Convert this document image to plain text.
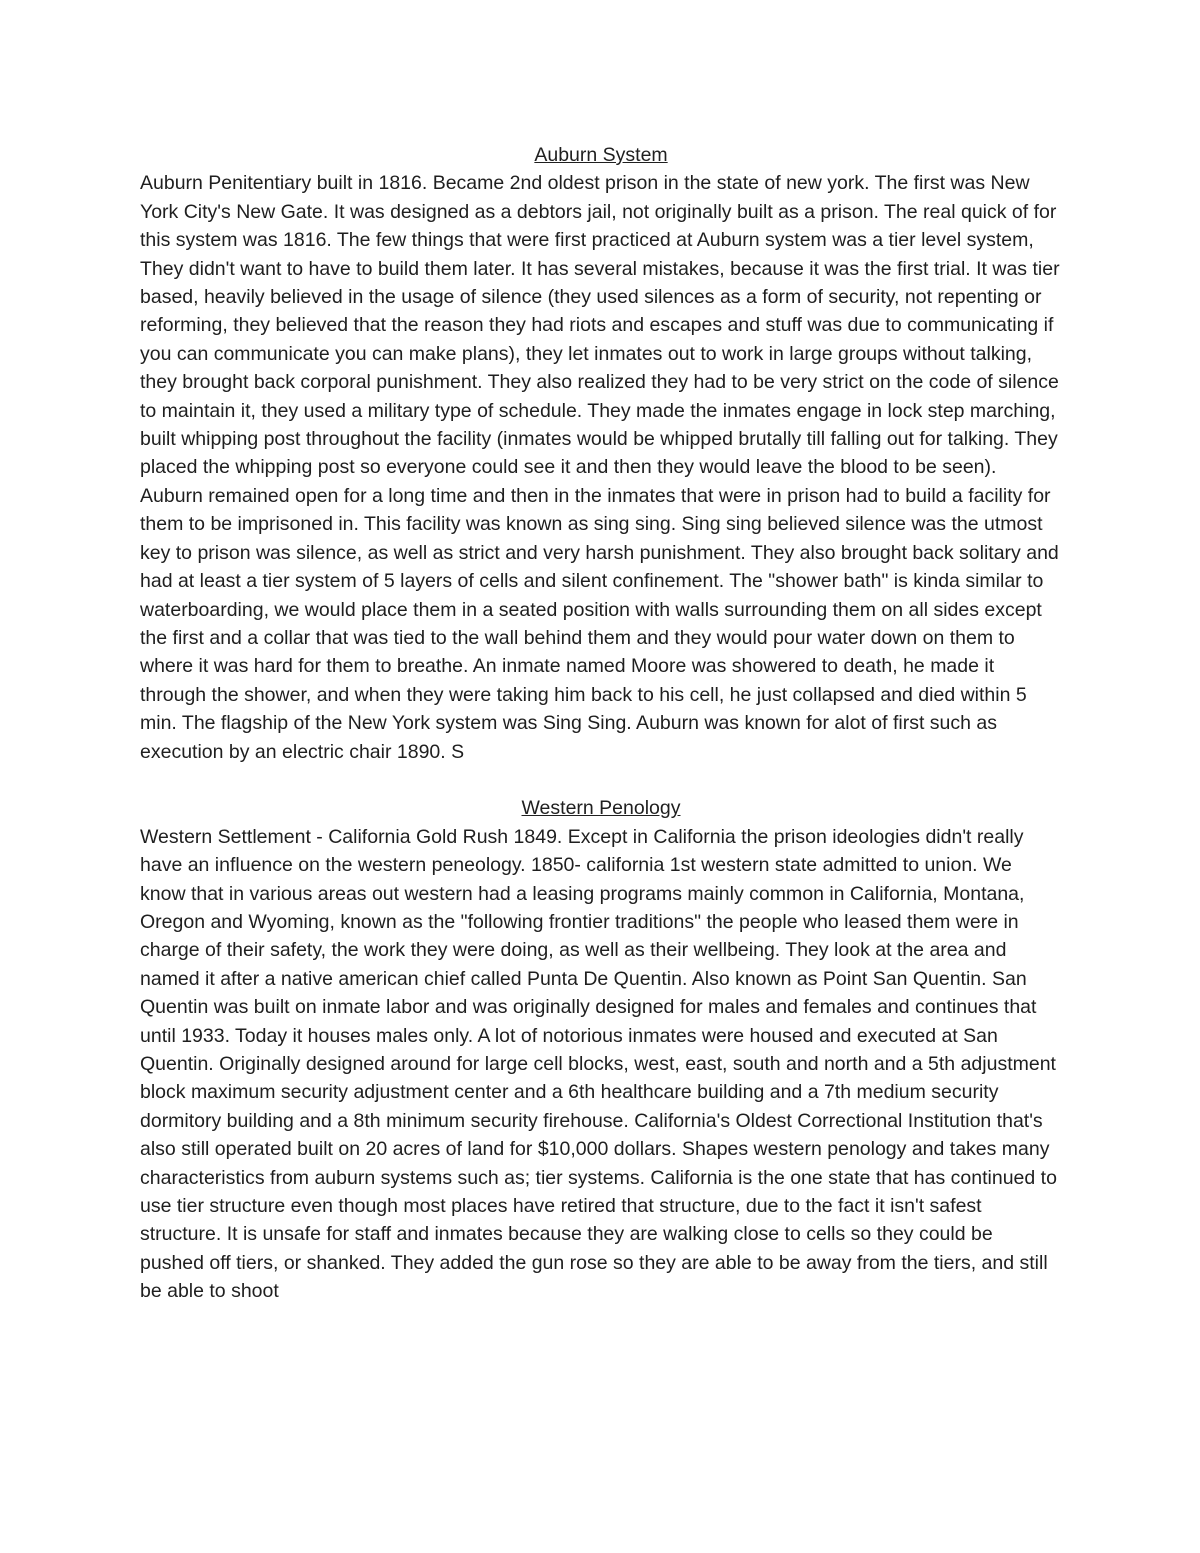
Auburn System

Auburn Penitentiary built in 1816. Became 2nd oldest prison in the state of new york. The first was New York City's New Gate. It was designed as a debtors jail, not originally built as a prison. The real quick of for this system was 1816. The few things that were first practiced at Auburn system was a tier level system, They didn't want to have to build them later. It has several mistakes, because it was the first trial. It was tier based, heavily believed in the usage of silence (they used silences as a form of security, not repenting or reforming, they believed that the reason they had riots and escapes and stuff was due to communicating if you can communicate you can make plans), they let inmates out to work in large groups without talking, they brought back corporal punishment. They also realized they had to be very strict on the code of silence to maintain it, they used a military type of schedule. They made the inmates engage in lock step marching, built whipping post throughout the facility (inmates would be whipped brutally till falling out for talking. They placed the whipping post so everyone could see it and then they would leave the blood to be seen). Auburn remained open for a long time and then in the inmates that were in prison had to build a facility for them to be imprisoned in. This facility was known as sing sing. Sing sing believed silence was the utmost key to prison was silence, as well as strict and very harsh punishment. They also brought back solitary and had at least a tier system of 5 layers of cells and silent confinement. The "shower bath" is kinda similar to waterboarding, we would place them in a seated position with walls surrounding them on all sides except the first and a collar that was tied to the wall behind them and they would pour water down on them to where it was hard for them to breathe. An inmate named Moore was showered to death, he made it through the shower, and when they were taking him back to his cell, he just collapsed and died within 5 min. The flagship of the New York system was Sing Sing. Auburn was known for alot of first such as execution by an electric chair 1890. S

Western Penology

Western Settlement - California Gold Rush 1849. Except in California the prison ideologies didn't really have an influence on the western peneology. 1850- california 1st western state admitted to union. We know that in various areas out western had a leasing programs mainly common in California, Montana, Oregon and Wyoming, known as the "following frontier traditions" the people who leased them were in charge of their safety, the work they were doing, as well as their wellbeing. They look at the area and named it after a native american chief called Punta De Quentin. Also known as Point San Quentin. San Quentin was built on inmate labor and was originally designed for males and females and continues that until 1933. Today it houses males only. A lot of notorious inmates were housed and executed at San Quentin. Originally designed around for large cell blocks, west, east, south and north and a 5th adjustment block maximum security adjustment center and a 6th healthcare building and a 7th medium security dormitory building and a 8th minimum security firehouse. California's Oldest Correctional Institution that's also still operated built on 20 acres of land for $10,000 dollars. Shapes western penology and takes many characteristics from auburn systems such as; tier systems. California is the one state that has continued to use tier structure even though most places have retired that structure, due to the fact it isn't safest structure. It is unsafe for staff and inmates because they are walking close to cells so they could be pushed off tiers, or shanked. They added the gun rose so they are able to be away from the tiers, and still be able to shoot
